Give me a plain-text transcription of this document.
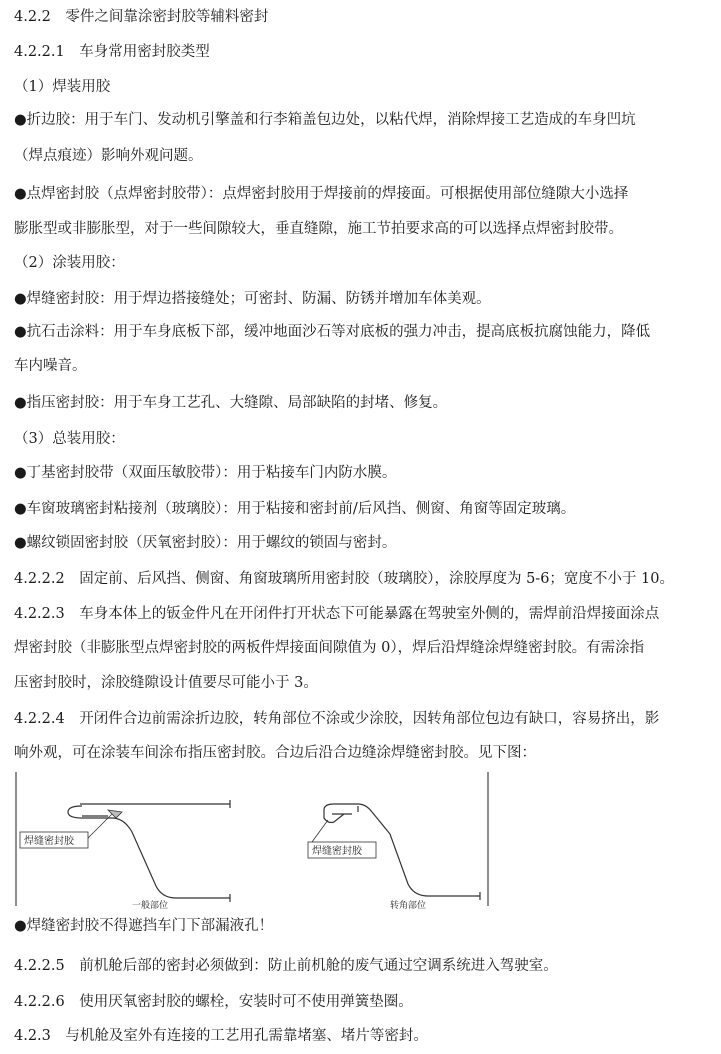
4.2.2　零件之间靠涂密封胶等辅料密封
4.2.2.1　车身常用密封胶类型
（1）焊装用胶
●折边胶：用于车门、发动机引擎盖和行李箱盖包边处，以粘代焊，消除焊接工艺造成的车身凹坑
（焊点痕迹）影响外观问题。
●点焊密封胶（点焊密封胶带）：点焊密封胶用于焊接前的焊接面。可根据使用部位缝隙大小选择
膨胀型或非膨胀型，对于一些间隙较大，垂直缝隙，施工节拍要求高的可以选择点焊密封胶带。
（2）涂装用胶：
●焊缝密封胶：用于焊边搭接缝处；可密封、防漏、防锈并增加车体美观。
●抗石击涂料：用于车身底板下部，缓冲地面沙石等对底板的强力冲击，提高底板抗腐蚀能力，降低
车内噪音。
●指压密封胶：用于车身工艺孔、大缝隙、局部缺陷的封堵、修复。
（3）总装用胶：
●丁基密封胶带（双面压敏胶带）：用于粘接车门内防水膜。
●车窗玻璃密封粘接剂（玻璃胶）：用于粘接和密封前/后风挡、侧窗、角窗等固定玻璃。
●螺纹锁固密封胶（厌氧密封胶）：用于螺纹的锁固与密封。
4.2.2.2　固定前、后风挡、侧窗、角窗玻璃所用密封胶（玻璃胶），涂胶厚度为 5-6；宽度不小于 10。
4.2.2.3　车身本体上的钣金件凡在开闭件打开状态下可能暴露在驾驶室外侧的，需焊前沿焊接面涂点
焊密封胶（非膨胀型点焊密封胶的两板件焊接面间隙值为 0），焊后沿焊缝涂焊缝密封胶。有需涂指
压密封胶时，涂胶缝隙设计值要尽可能小于 3。
4.2.2.4　开闭件合边前需涂折边胶，转角部位不涂或少涂胶，因转角部位包边有缺口，容易挤出，影
响外观，可在涂装车间涂布指压密封胶。合边后沿合边缝涂焊缝密封胶。见下图：
焊缝密封胶
一般部位
焊缝密封胶
转角部位
●焊缝密封胶不得遮挡车门下部漏液孔！
4.2.2.5　前机舱后部的密封必须做到：防止前机舱的废气通过空调系统进入驾驶室。
4.2.2.6　使用厌氧密封胶的螺栓，安装时可不使用弹簧垫圈。
4.2.3　与机舱及室外有连接的工艺用孔需靠堵塞、堵片等密封。
